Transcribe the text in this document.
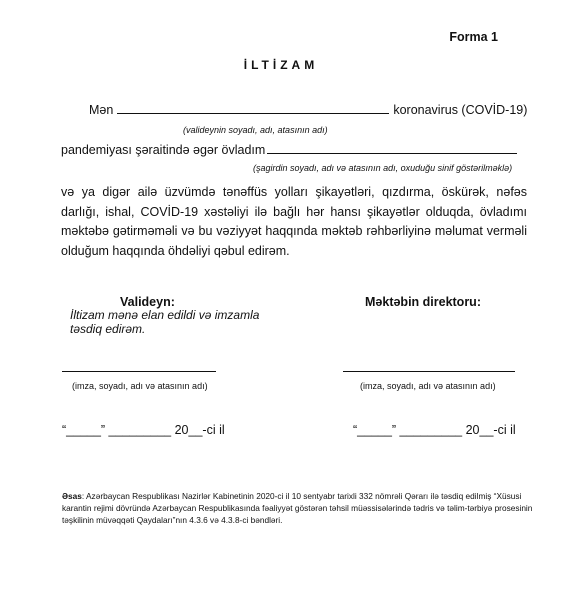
Forma 1
İLTİZAM
Mən	koronavirus (COVİD-19)
(valideynin soyadı, adı, atasının adı)
pandemiyası şəraitində əgər övladım
(şagirdin soyadı, adı və atasının adı, oxuduğu sinif göstərilməklə)
və ya digər ailə üzvümdə tənəffüs yolları şikayətləri, qızdırma, öskürək, nəfəs darlığı, ishal, COVİD-19 xəstəliyi ilə bağlı hər hansı şikayətlər olduqda, övladımı məktəbə gətirməməli və bu vəziyyət haqqında məktəb rəhbərliyinə məlumat verməli olduğum haqqında öhdəliyi qəbul edirəm.
Valideyn:
İltizam mənə elan edildi və imzamla təsdiq edirəm.
Məktəbin direktoru:
(imza, soyadı, adı və atasının adı)	(imza, soyadı, adı və atasının adı)
“_____” _________ 20__-ci il	“_____” _________ 20__-ci il
Əsas: Azərbaycan Respublikası Nazirlər Kabinetinin 2020-ci il 10 sentyabr tarixli 332 nömrəli Qərarı ilə təsdiq edilmiş “Xüsusi karantin rejimi dövründə Azərbaycan Respublikasında fəaliyyət göstərən təhsil müəssisələrində tədris və təlim-tərbiyə prosesinin təşkilinin müvəqqəti Qaydaları”nın 4.3.6 və 4.3.8-ci bəndləri.
